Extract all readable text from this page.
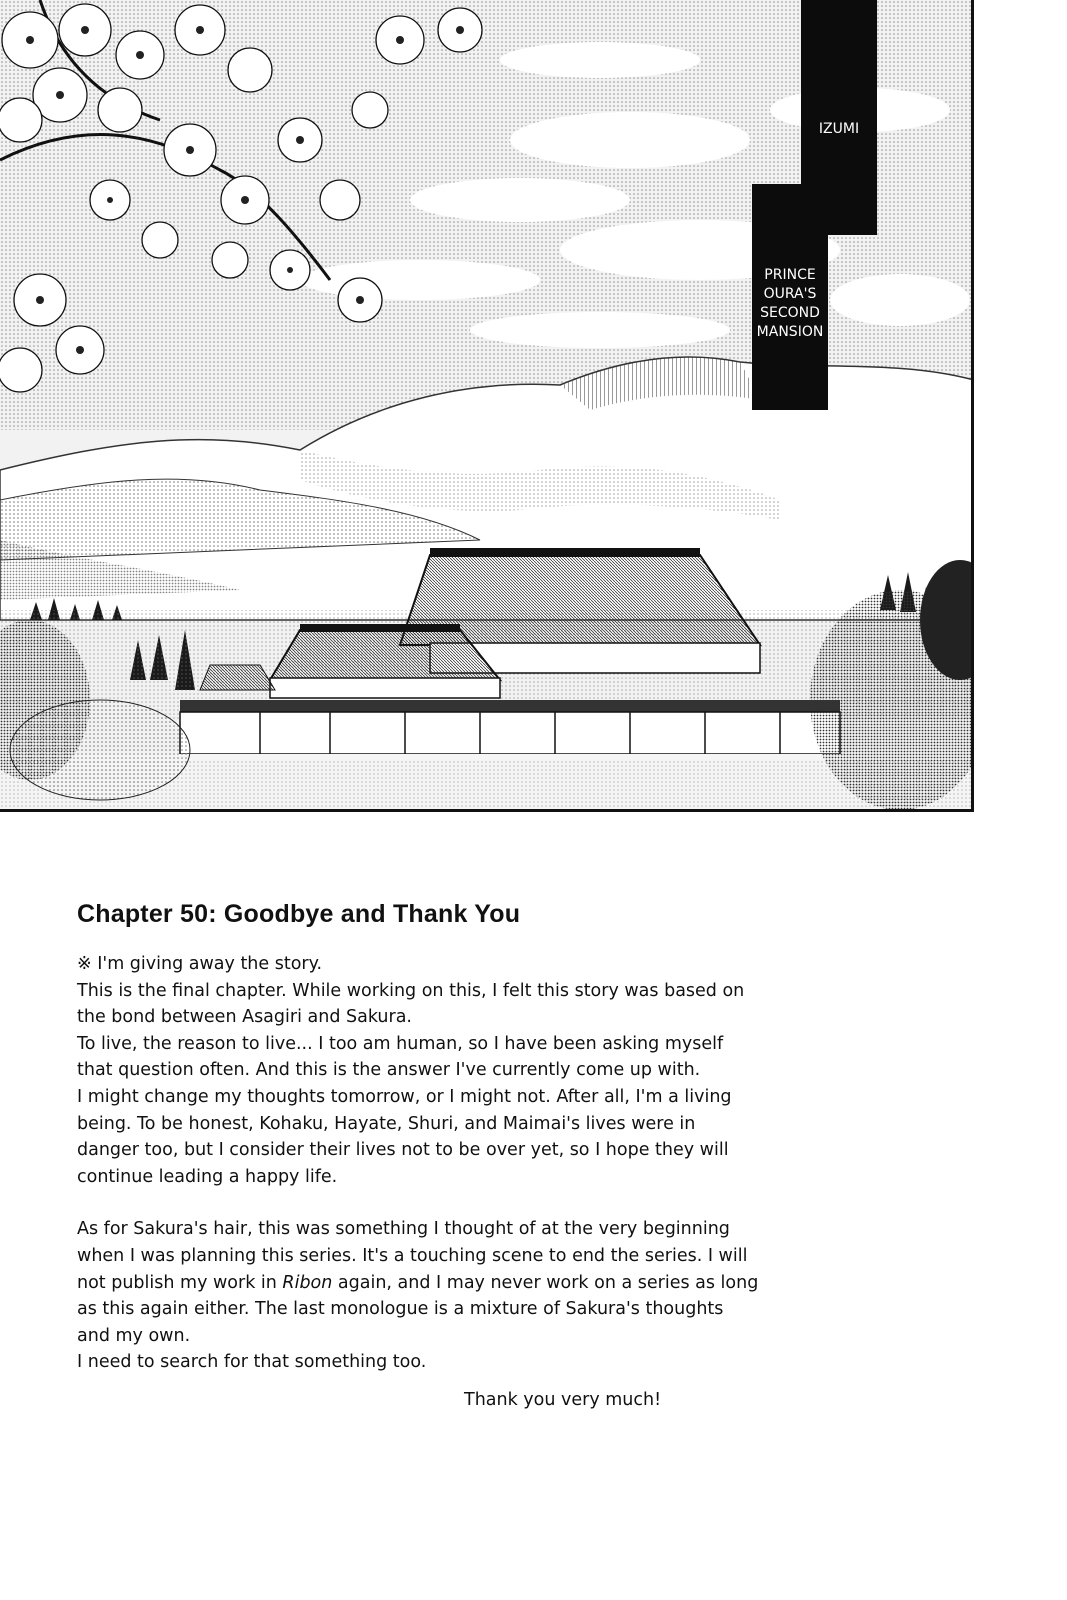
IZUMI
PRINCE
OURA'S
SECOND
MANSION
Chapter 50: Goodbye and Thank You

※ I'm giving away the story.
This is the final chapter. While working on this, I felt this story was based on
the bond between Asagiri and Sakura.
To live, the reason to live... I too am human, so I have been asking myself
that question often. And this is the answer I've currently come up with.
I might change my thoughts tomorrow, or I might not. After all, I'm a living
being. To be honest, Kohaku, Hayate, Shuri, and Maimai's lives were in
danger too, but I consider their lives not to be over yet, so I hope they will
continue leading a happy life.

As for Sakura's hair, this was something I thought of at the very beginning
when I was planning this series. It's a touching scene to end the series. I will
not publish my work in Ribon again, and I may never work on a series as long
as this again either. The last monologue is a mixture of Sakura's thoughts
and my own.
I need to search for that something too.

Thank you very much!
